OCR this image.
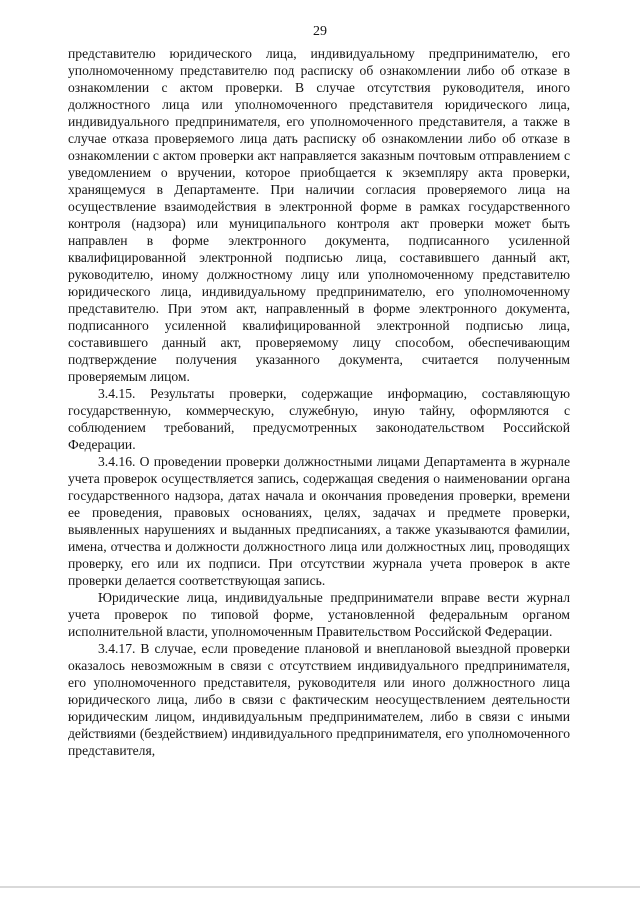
29

представителю юридического лица, индивидуальному предпринимателю, его уполномоченному представителю под расписку об ознакомлении либо об отказе в ознакомлении с актом проверки. В случае отсутствия руководителя, иного должностного лица или уполномоченного представителя юридического лица, индивидуального предпринимателя, его уполномоченного представителя, а также в случае отказа проверяемого лица дать расписку об ознакомлении либо об отказе в ознакомлении с актом проверки акт направляется заказным почтовым отправлением с уведомлением о вручении, которое приобщается к экземпляру акта проверки, хранящемуся в Департаменте. При наличии согласия проверяемого лица на осуществление взаимодействия в электронной форме в рамках государственного контроля (надзора) или муниципального контроля акт проверки может быть направлен в форме электронного документа, подписанного усиленной квалифицированной электронной подписью лица, составившего данный акт, руководителю, иному должностному лицу или уполномоченному представителю юридического лица, индивидуальному предпринимателю, его уполномоченному представителю. При этом акт, направленный в форме электронного документа, подписанного усиленной квалифицированной электронной подписью лица, составившего данный акт, проверяемому лицу способом, обеспечивающим подтверждение получения указанного документа, считается полученным проверяемым лицом.

3.4.15. Результаты проверки, содержащие информацию, составляющую государственную, коммерческую, служебную, иную тайну, оформляются с соблюдением требований, предусмотренных законодательством Российской Федерации.

3.4.16. О проведении проверки должностными лицами Департамента в журнале учета проверок осуществляется запись, содержащая сведения о наименовании органа государственного надзора, датах начала и окончания проведения проверки, времени ее проведения, правовых основаниях, целях, задачах и предмете проверки, выявленных нарушениях и выданных предписаниях, а также указываются фамилии, имена, отчества и должности должностного лица или должностных лиц, проводящих проверку, его или их подписи. При отсутствии журнала учета проверок в акте проверки делается соответствующая запись.

Юридические лица, индивидуальные предприниматели вправе вести журнал учета проверок по типовой форме, установленной федеральным органом исполнительной власти, уполномоченным Правительством Российской Федерации.

3.4.17. В случае, если проведение плановой и внеплановой выездной проверки оказалось невозможным в связи с отсутствием индивидуального предпринимателя, его уполномоченного представителя, руководителя или иного должностного лица юридического лица, либо в связи с фактическим неосуществлением деятельности юридическим лицом, индивидуальным предпринимателем, либо в связи с иными действиями (бездействием) индивидуального предпринимателя, его уполномоченного представителя,
